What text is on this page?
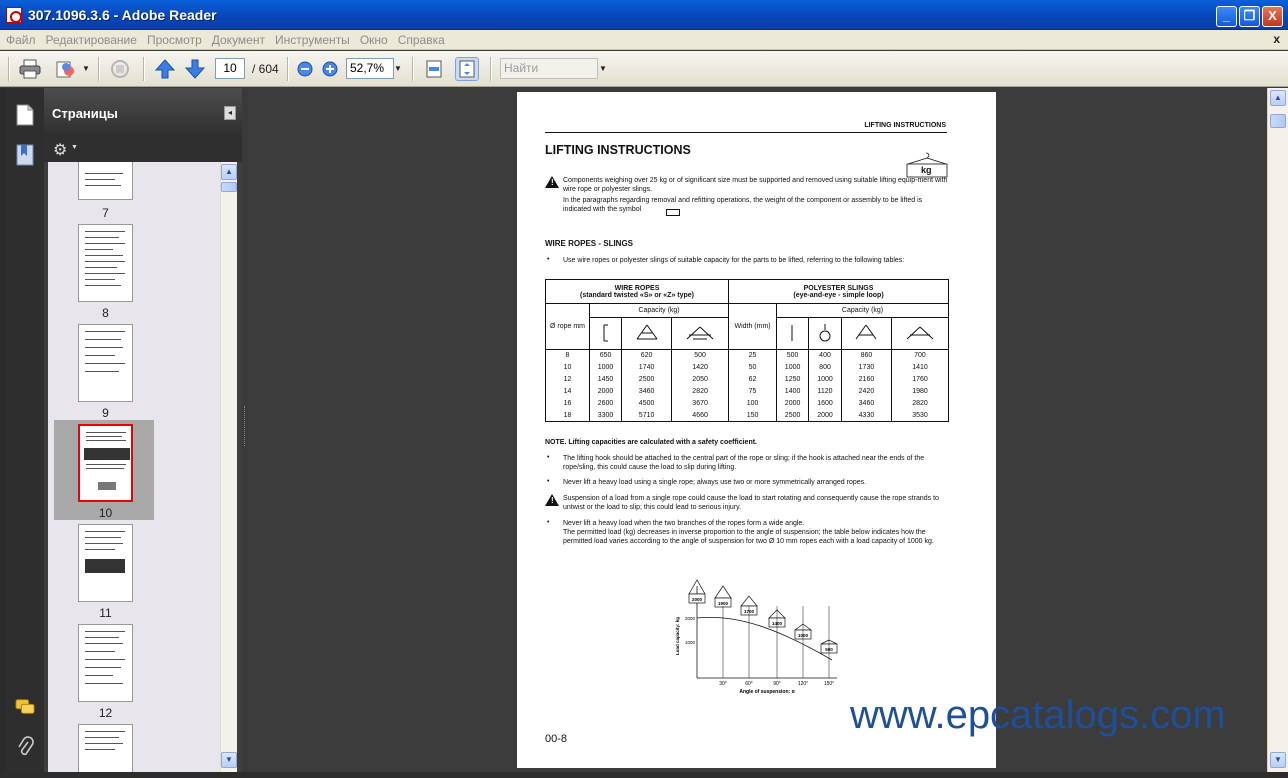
307.1096.3.6 - Adobe Reader	_	❐ X
Файл Редактирование Просмотр Документ Инструменты Окно Справка	x
▼	10	/ 604	52,7%	▼	Найти	▼
Страницы	◂
⚙ ▼
7
8
9
10
11
12
▲
▼
LIFTING INSTRUCTIONS
LIFTING INSTRUCTIONS
kg
!
Components weighing over 25 kg or of significant size must be supported and removed using suitable lifting equip-ment with wire rope or polyester slings.
In the paragraphs regarding removal and refitting operations, the weight of the component or assembly to be lifted is indicated with the symbol
WIRE ROPES - SLINGS
• Use wire ropes or polyester slings of suitable capacity for the parts to be lifted, referring to the following tables:
WIRE ROPES
(standard twisted «S» or «Z» type)				POLYESTER SLINGS
(eye-and-eye - simple loop)				
Ø rope mm	Capacity (kg)			Width (mm)	Capacity (kg)			

8	650	620	500	25	500	400	860	700
10	1000	1740	1420	50	1000	800	1730	1410
12	1450	2500	2050	62	1250	1000	2160	1760
14	2000	3460	2820	75	1400	1120	2420	1980
16	2600	4500	3670	100	2000	1600	3460	2820
18	3300	5710	4660	150	2500	2000	4330	3530
NOTE. Lifting capacities are calculated with a safety coefficient.
• The lifting hook should be attached to the central part of the rope or sling; if the hook is attached near the ends of the rope/sling, this could cause the load to slip during lifting.
• Never lift a heavy load using a single rope; always use two or more symmetrically arranged ropes.
!
Suspension of a load from a single rope could cause the load to start rotating and consequently cause the rope strands to untwist or the load to slip; this could lead to serious injury.
• Never lift a heavy load when the two branches of the ropes form a wide angle.
The permitted load (kg) decreases in inverse proportion to the angle of suspension; the table below indicates how the permitted load varies according to the angle of suspension for two Ø 10 mm ropes each with a load capacity of 1000 kg.
2000
1900
1700
1400
1000
500
30°	60°	90°	120°	150°
2000
1000
Angle of suspension: α
Load capacity: kg
00-8
www.epcatalogs.com
▲
▼
